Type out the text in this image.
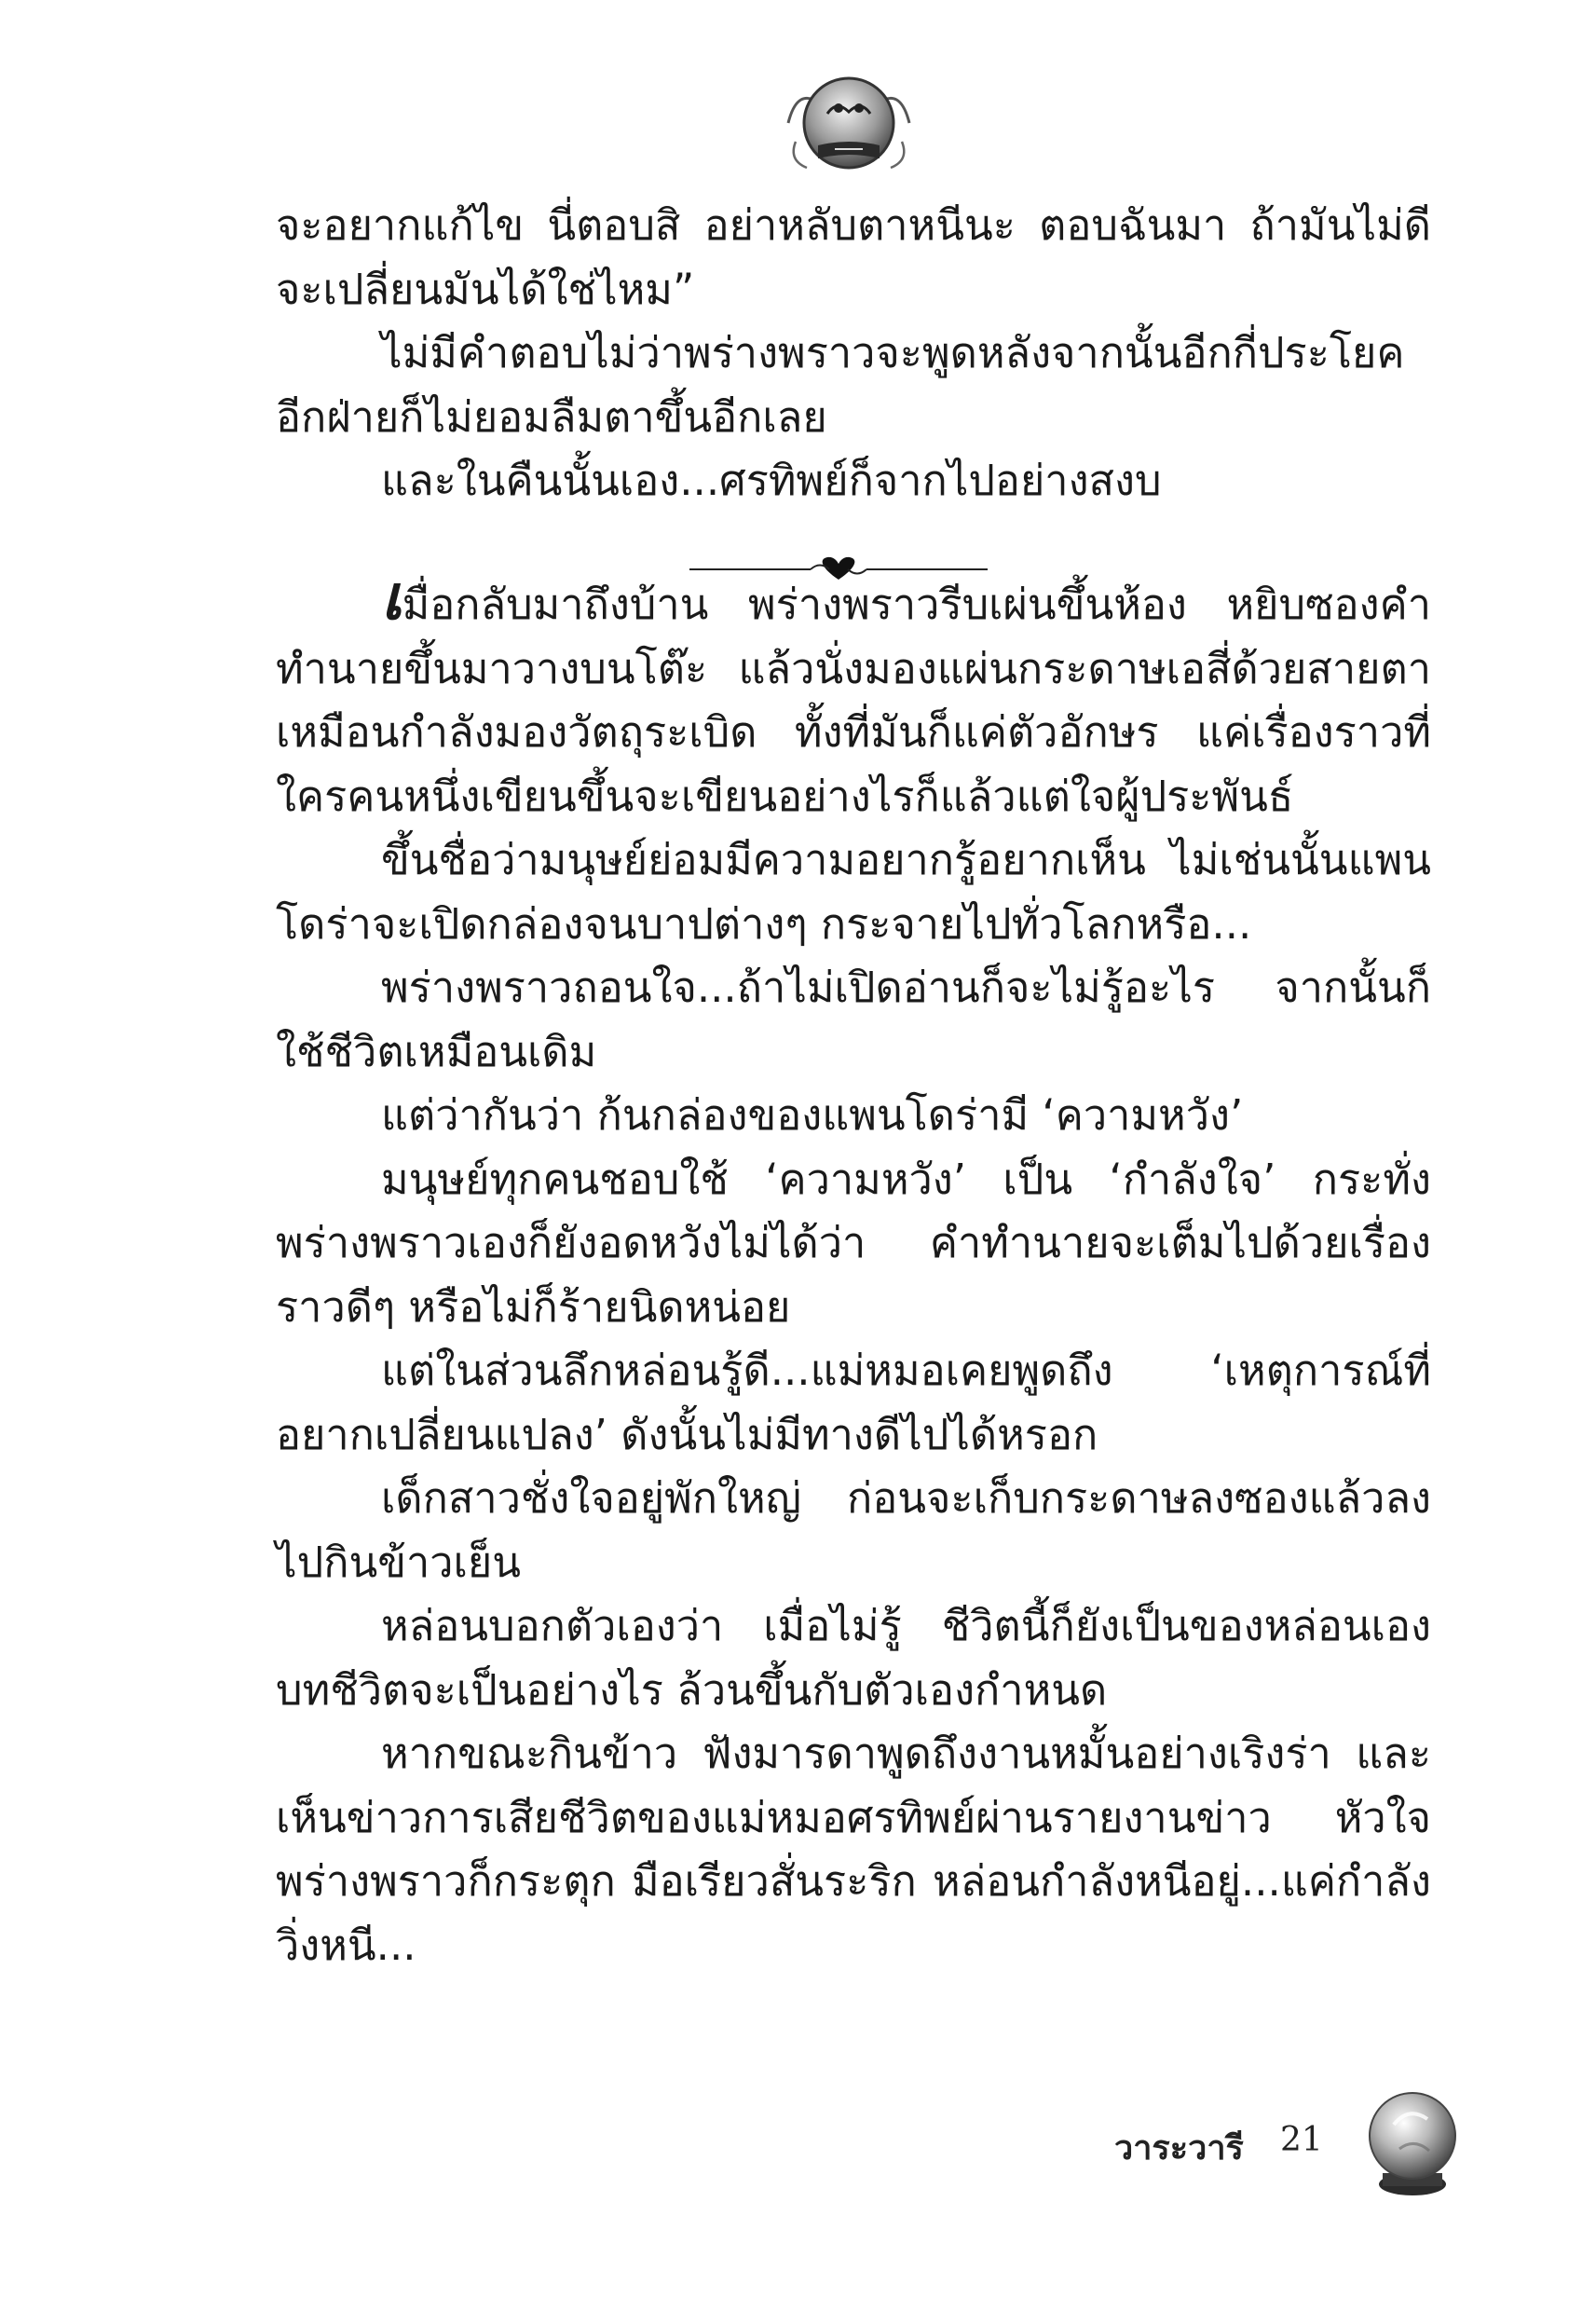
จะอยากแก้ไข นี่ตอบสิ อย่าหลับตาหนีนะ ตอบฉันมา ถ้ามันไม่ดีจะเปลี่ยนมันได้ใช่ไหม”

ไม่มีคำตอบไม่ว่าพร่างพราวจะพูดหลังจากนั้นอีกกี่ประโยค อีกฝ่ายก็ไม่ยอมลืมตาขึ้นอีกเลย

และในคืนนั้นเอง...ศรทิพย์ก็จากไปอย่างสงบ

เมื่อกลับมาถึงบ้าน พร่างพราวรีบเผ่นขึ้นห้อง หยิบซองคำทำนายขึ้นมาวางบนโต๊ะ แล้วนั่งมองแผ่นกระดาษเอสี่ด้วยสายตาเหมือนกำลังมองวัตถุระเบิด ทั้งที่มันก็แค่ตัวอักษร แค่เรื่องราวที่ใครคนหนึ่งเขียนขึ้นจะเขียนอย่างไรก็แล้วแต่ใจผู้ประพันธ์

ขึ้นชื่อว่ามนุษย์ย่อมมีความอยากรู้อยากเห็น ไม่เช่นนั้นแพนโดร่าจะเปิดกล่องจนบาปต่างๆ กระจายไปทั่วโลกหรือ...

พร่างพราวถอนใจ...ถ้าไม่เปิดอ่านก็จะไม่รู้อะไร จากนั้นก็ใช้ชีวิตเหมือนเดิม

แต่ว่ากันว่า ก้นกล่องของแพนโดร่ามี ‘ความหวัง’

มนุษย์ทุกคนชอบใช้ ‘ความหวัง’ เป็น ‘กำลังใจ’ กระทั่งพร่างพราวเองก็ยังอดหวังไม่ได้ว่า คำทำนายจะเต็มไปด้วยเรื่องราวดีๆ หรือไม่ก็ร้ายนิดหน่อย

แต่ในส่วนลึกหล่อนรู้ดี...แม่หมอเคยพูดถึง ‘เหตุการณ์ที่อยากเปลี่ยนแปลง’ ดังนั้นไม่มีทางดีไปได้หรอก

เด็กสาวชั่งใจอยู่พักใหญ่ ก่อนจะเก็บกระดาษลงซองแล้วลงไปกินข้าวเย็น

หล่อนบอกตัวเองว่า เมื่อไม่รู้ ชีวิตนี้ก็ยังเป็นของหล่อนเอง บทชีวิตจะเป็นอย่างไร ล้วนขึ้นกับตัวเองกำหนด

หากขณะกินข้าว ฟังมารดาพูดถึงงานหมั้นอย่างเริงร่า และเห็นข่าวการเสียชีวิตของแม่หมอศรทิพย์ผ่านรายงานข่าว หัวใจพร่างพราวก็กระตุก มือเรียวสั่นระริก หล่อนกำลังหนีอยู่...แค่กำลังวิ่งหนี...

วาระวารี 21
